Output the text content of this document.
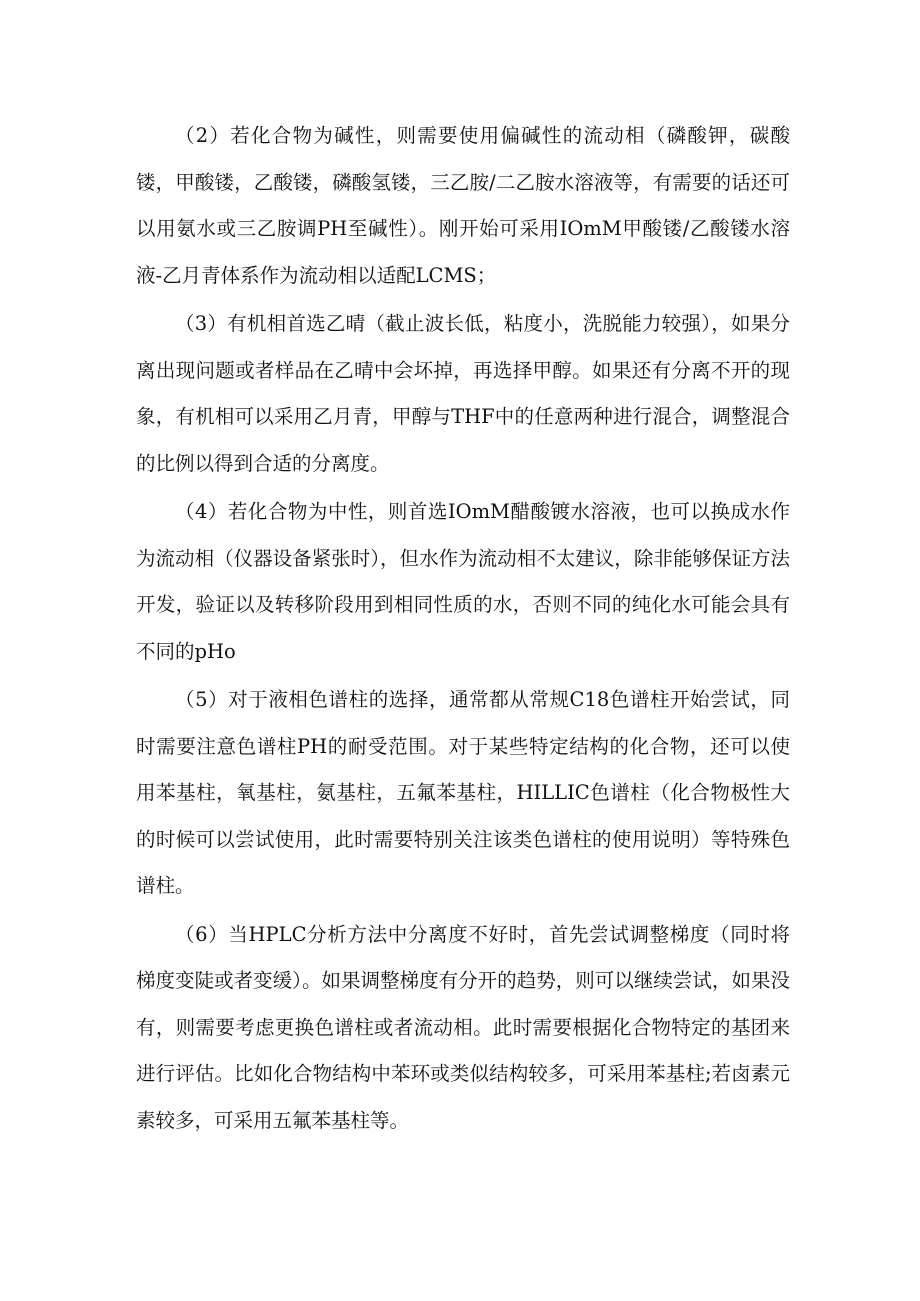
（2）若化合物为碱性，则需要使用偏碱性的流动相（磷酸钾，碳酸镂，甲酸镂，乙酸镂，磷酸氢镂，三乙胺/二乙胺水溶液等，有需要的话还可以用氨水或三乙胺调PH至碱性）。刚开始可采用IOmM甲酸镂/乙酸镂水溶液-乙月青体系作为流动相以适配LCMS；

（3）有机相首选乙晴（截止波长低，粘度小，洗脱能力较强），如果分离出现问题或者样品在乙晴中会坏掉，再选择甲醇。如果还有分离不开的现象，有机相可以采用乙月青，甲醇与THF中的任意两种进行混合，调整混合的比例以得到合适的分离度。

（4）若化合物为中性，则首选IOmM醋酸镀水溶液，也可以换成水作为流动相（仪器设备紧张时），但水作为流动相不太建议，除非能够保证方法开发，验证以及转移阶段用到相同性质的水，否则不同的纯化水可能会具有不同的pHo

（5）对于液相色谱柱的选择，通常都从常规C18色谱柱开始尝试，同时需要注意色谱柱PH的耐受范围。对于某些特定结构的化合物，还可以使用苯基柱，氧基柱，氨基柱，五氟苯基柱，HILLIC色谱柱（化合物极性大的时候可以尝试使用，此时需要特别关注该类色谱柱的使用说明）等特殊色谱柱。

（6）当HPLC分析方法中分离度不好时，首先尝试调整梯度（同时将梯度变陡或者变缓）。如果调整梯度有分开的趋势，则可以继续尝试，如果没有，则需要考虑更换色谱柱或者流动相。此时需要根据化合物特定的基团来进行评估。比如化合物结构中苯环或类似结构较多，可采用苯基柱;若卤素元素较多，可采用五氟苯基柱等。
